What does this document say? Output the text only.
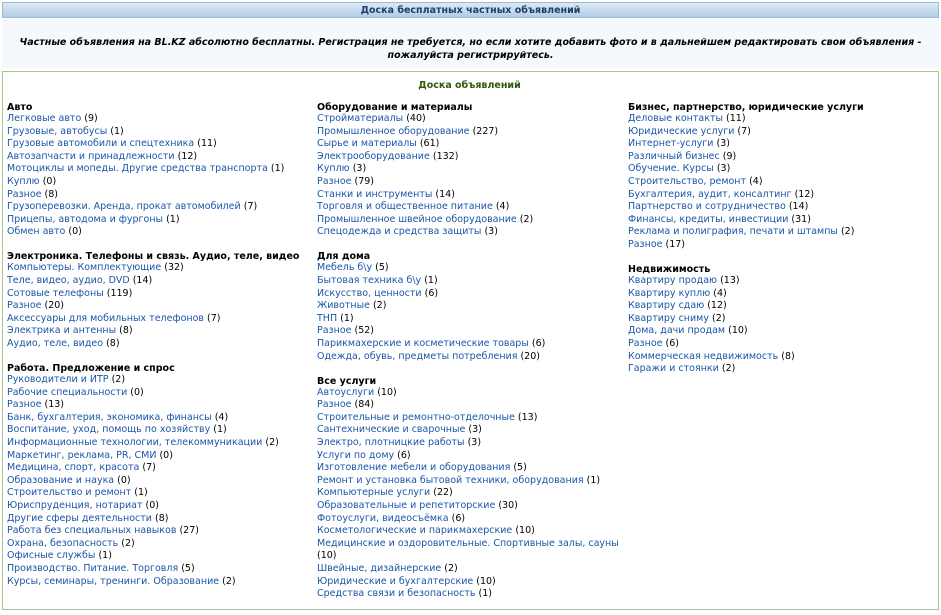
Доска бесплатных частных объявлений
Частные объявления на BL.KZ абсолютно бесплатны. Регистрация не требуется, но если хотите добавить фото и в дальнейшем редактировать свои объявления - пожалуйста регистрируйтесь.
Доска объявлений
Авто
Легковые авто (9)
Грузовые, автобусы (1)
Грузовые автомобили и спецтехника (11)
Автозапчасти и принадлежности (12)
Мотоциклы и мопеды. Другие средства транспорта (1)
Куплю (0)
Разное (8)
Грузоперевозки. Аренда, прокат автомобилей (7)
Прицепы, автодома и фургоны (1)
Обмен авто (0)
Электроника. Телефоны и связь. Аудио, теле, видео
Компьютеры. Комплектующие (32)
Теле, видео, аудио, DVD (14)
Сотовые телефоны (119)
Разное (20)
Аксессуары для мобильных телефонов (7)
Электрика и антенны (8)
Аудио, теле, видео (8)
Работа. Предложение и спрос
Руководители и ИТР (2)
Рабочие специальности (0)
Разное (13)
Банк, бухгалтерия, экономика, финансы (4)
Воспитание, уход, помощь по хозяйству (1)
Информационные технологии, телекоммуникации (2)
Маркетинг, реклама, PR, СМИ (0)
Медицина, спорт, красота (7)
Образование и наука (0)
Строительство и ремонт (1)
Юриспруденция, нотариат (0)
Другие сферы деятельности (8)
Работа без специальных навыков (27)
Охрана, безопасность (2)
Офисные службы (1)
Производство. Питание. Торговля (5)
Курсы, семинары, тренинги. Образование (2)
Оборудование и материалы
Стройматериалы (40)
Промышленное оборудование (227)
Сырье и материалы (61)
Электрооборудование (132)
Куплю (3)
Разное (79)
Станки и инструменты (14)
Торговля и общественное питание (4)
Промышленное швейное оборудование (2)
Спецодежда и средства защиты (3)
Для дома
Мебель б\у (5)
Бытовая техника б\у (1)
Искусство, ценности (6)
Животные (2)
ТНП (1)
Разное (52)
Парикмахерские и косметические товары (6)
Одежда, обувь, предметы потребления (20)
Все услуги
Автоуслуги (10)
Разное (84)
Строительные и ремонтно-отделочные (13)
Сантехнические и сварочные (3)
Электро, плотницкие работы (3)
Услуги по дому (6)
Изготовление мебели и оборудования (5)
Ремонт и установка бытовой техники, оборудования (1)
Компьютерные услуги (22)
Образовательные и репетиторские (30)
Фотоуслуги, видеосъёмка (6)
Косметологические и парикмахерские (10)
Медицинские и оздоровительные. Спортивные залы, сауны (10)
Швейные, дизайнерские (2)
Юридические и бухгалтерские (10)
Средства связи и безопасность (1)
Бизнес, партнерство, юридические услуги
Деловые контакты (11)
Юридические услуги (7)
Интернет-услуги (3)
Различный бизнес (9)
Обучение. Курсы (3)
Строительство, ремонт (4)
Бухгалтерия, аудит, консалтинг (12)
Партнерство и сотрудничество (14)
Финансы, кредиты, инвестиции (31)
Реклама и полиграфия, печати и штампы (2)
Разное (17)
Недвижимость
Квартиру продаю (13)
Квартиру куплю (4)
Квартиру сдаю (12)
Квартиру сниму (2)
Дома, дачи продам (10)
Разное (6)
Коммерческая недвижимость (8)
Гаражи и стоянки (2)
